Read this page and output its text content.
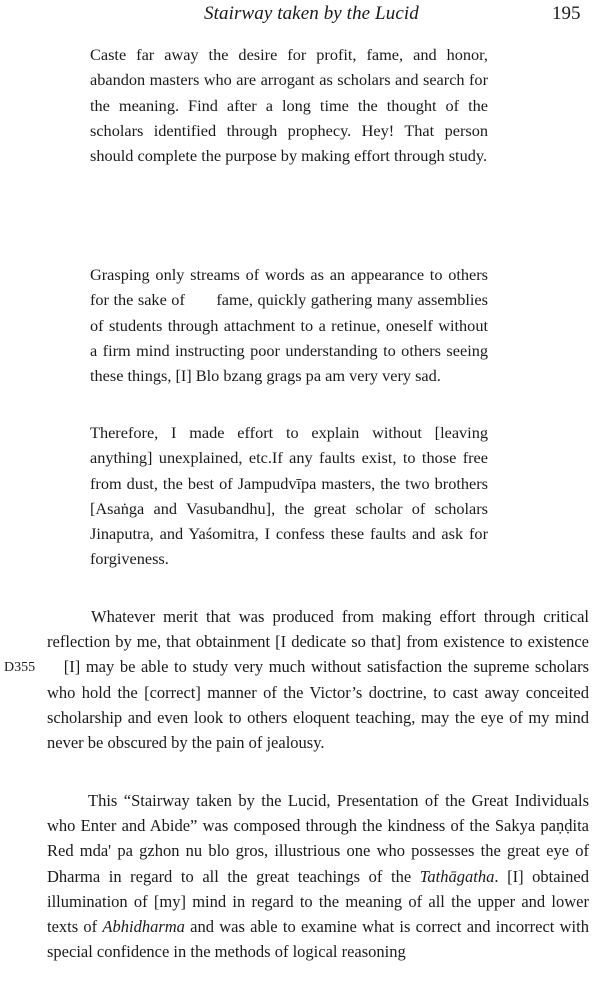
Stairway taken by the Lucid	195

Caste far away the desire for profit, fame, and honor, abandon masters who are arrogant as scholars and search for the meaning. Find after a long time the thought of the scholars identified through prophecy. Hey! That person should complete the purpose by making effort through study.

Grasping only streams of words as an appearance to others for the sake of       fame, quickly gathering many assemblies of students through attachment to a retinue, oneself without a firm mind instructing poor understanding to others seeing these things, [I] Blo bzang grags pa am very very sad.

Therefore, I made effort to explain without [leaving anything] unexplained, etc.If any faults exist, to those free from dust, the best of Jampudvīpa masters, the two brothers [Asaṅga and Vasubandhu], the great scholar of scholars Jinaputra, and Yaśomitra, I confess these faults and ask for forgiveness.

D355

Whatever merit that was produced from making effort through critical reflection by me, that obtainment [I dedicate so that] from existence to existence    [I] may be able to study very much without satisfaction the supreme scholars who hold the [correct] manner of the Victor’s doctrine, to cast away conceited scholarship and even look to others eloquent teaching, may the eye of my mind never be obscured by the pain of jealousy.

This “Stairway taken by the Lucid, Presentation of the Great Individuals who Enter and Abide” was composed through the kindness of the Sakya paṇḍita Red mda' pa gzhon nu blo gros, illustrious one who possesses the great eye of Dharma in regard to all the great teachings of the Tathāgatha. [I] obtained illumination of [my] mind in regard to the meaning of all the upper and lower texts of Abhidharma and was able to examine what is correct and incorrect with special confidence in the methods of logical reasoning
